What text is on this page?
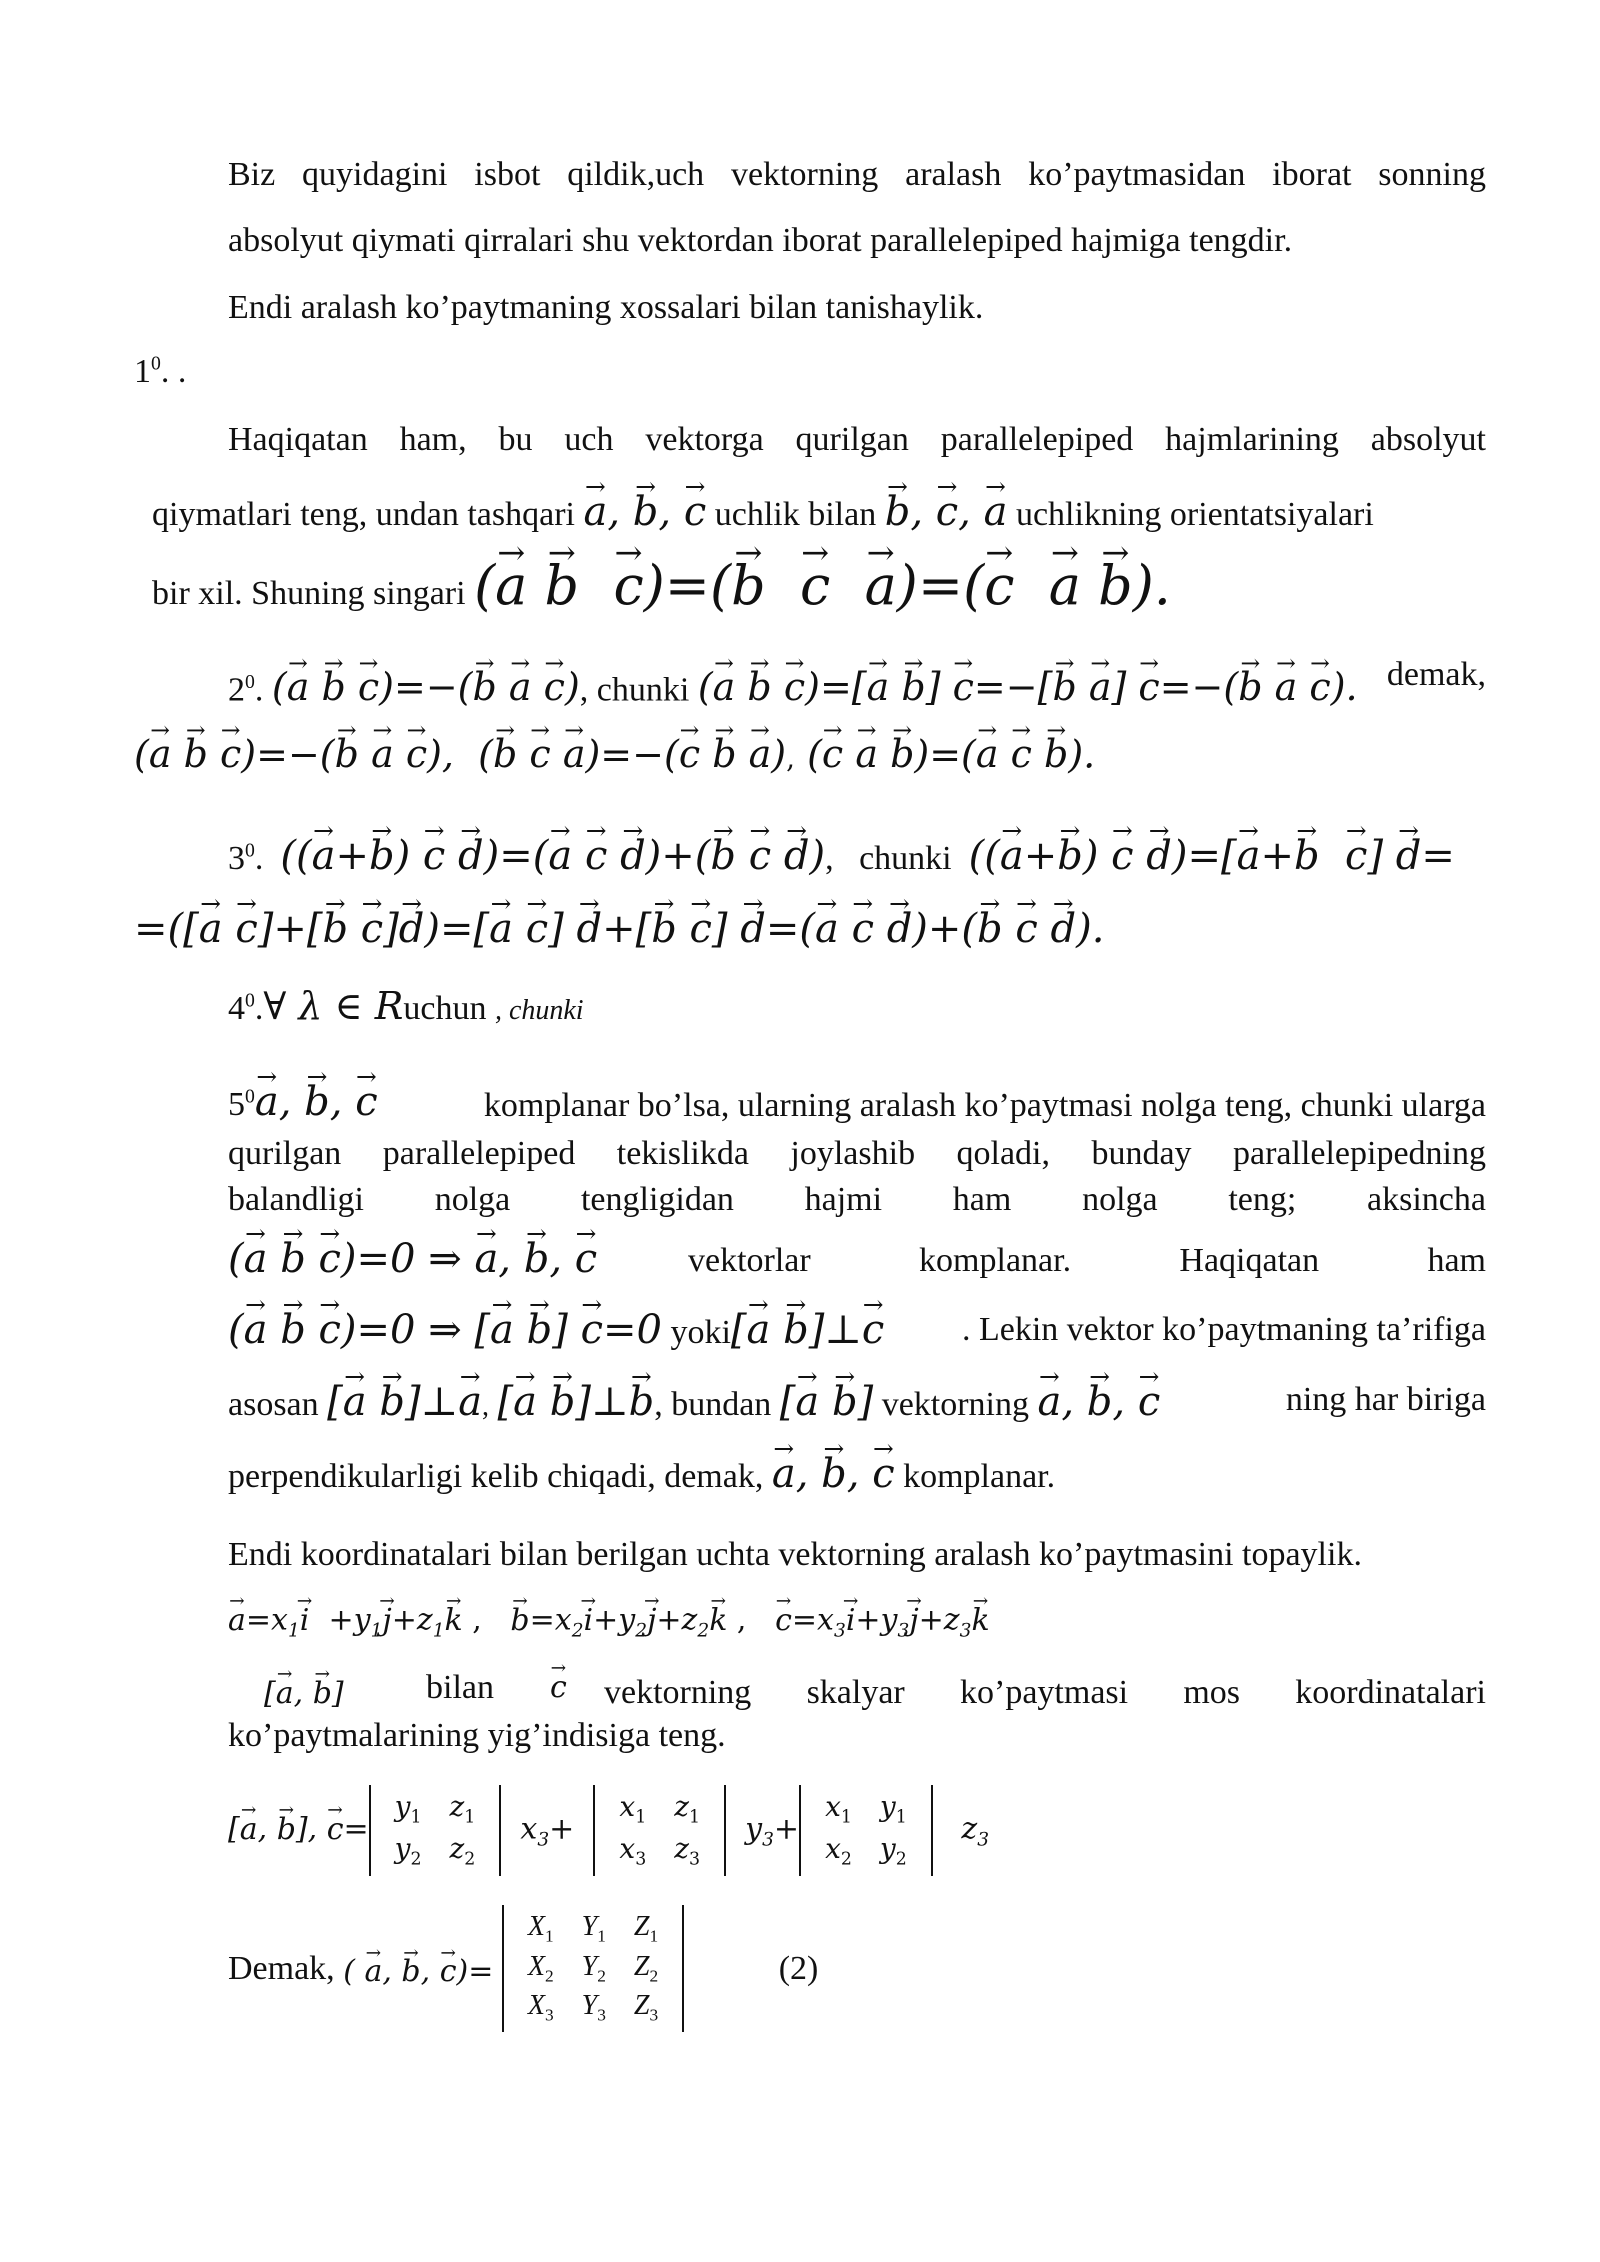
Biz quyidagini isbot qildik,uch vektorning aralash ko’paytmasidan iborat sonning
absolyut qiymati qirralari shu vektordan iborat parallelepiped hajmiga tengdir.
Endi aralash ko’paytmaning xossalari bilan tanishaylik.
$1^0$. .
Haqiqatan ham, bu uch vektorga qurilgan parallelepiped hajmlarining absolyut
qiymatlari teng, undan tashqari → a, → b, → c uchlik bilan → b, → c, → a uchlikning orientatsiyalari
bir xil. Shuning singari (→ a → b → c)=(→ b → c → a)=(→ c → a → b).
$2^0$. (→ a → b → c)=−(→ b → a → c), chunki (→ a → b → c)=[→ a → b] → c=−[→ b → a] → c=−(→ b → a → c). demak,
(→ a → b → c)=−(→ b → a → c),  (→ b → c → a)=−(→ c → b → a), (→ c → a → b)=(→ a → c → b).
$3^0$.  ((→ a+→ b) → c → d)=(→ a → c → d)+(→ b → c → d),   chunki ((→ a+→ b) → c → d)=[→ a+→ b → c] → d=
=([→ a → c]+[→ b → c]→ d)=[→ a → c] → d+[→ b → c] → d=(→ a → c → d)+(→ b → c → d).
$4^0.\forall$ λ ∈ Ruchun , chunki
$5^0\to a$, → b, → c	komplanar bo’lsa, ularning aralash ko’paytmasi nolga teng, chunki ularga
qurilgan parallelepiped tekislikda joylashib qoladi, bunday parallelepipedning
balandligi nolga tengligidan hajmi ham nolga teng; aksincha
(→ a → b → c)=0 ⇒ → a, → b, → c	vektorlar komplanar. Haqiqatan ham
(→ a → b → c)=0 ⇒ [→ a → b] → c=0 yoki[→ a → b]⊥→ c . Lekin vektor ko’paytmaning ta’rifiga
asosan [→ a → b]⊥→ a, [→ a → b]⊥→ b, bundan [→ a → b] vektorning → a, → b, → c	ning har biriga
perpendikularligi kelib chiqadi, demak, → a, → b, → c komplanar.
Endi koordinatalari bilan berilgan uchta vektorning aralash ko’paytmasini topaylik.
→ $a=x_1\to i +y_1\to j+z_1\to k$ ,   → $b=x_2\to i+y_2\to j+z_2\to k$ ,   → $c=x_3\to i+y_3\to j+z_3\to k$
[→ a, → b] bilan → c vektorning skalyar ko’paytmasi mos koordinatalari
ko’paytmalarining yig’indisiga teng.
[→ a, → b], → c=
$y_1$	$z_1$
$y_2$	$z_2$
$x_3+$
$x_1$	$z_1$
$x_3$	$z_3$
$y_3+$
$x_1$	$y_1$
$x_2$	$y_2$
$z_3$
Demak, ( → a, → b, → c)=
$X_1$	$Y_1$	$Z_1$
$X_2$	$Y_2$	$Z_2$
$X_3$	$Y_3$	$Z_3$
(2)
